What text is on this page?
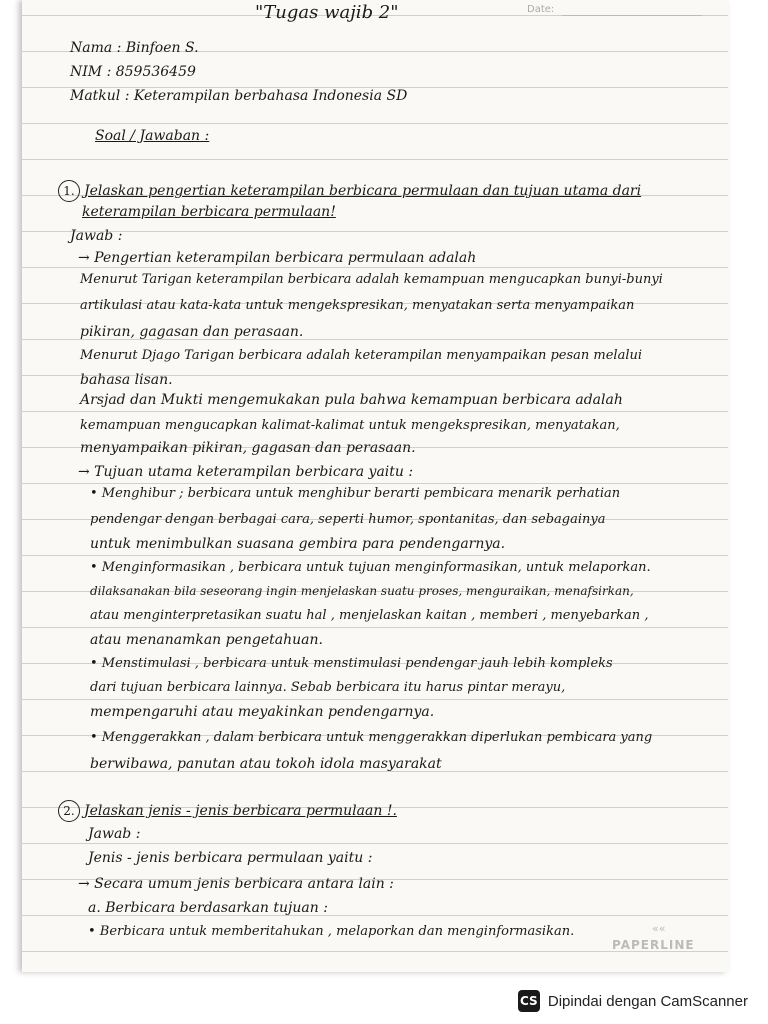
Date:
««
PAPERLINE
"Tugas wajib 2"
Nama : Binfoen S.
NIM : 859536459
Matkul : Keterampilan berbahasa Indonesia SD
Soal / Jawaban :
1. Jelaskan pengertian keterampilan berbicara permulaan dan tujuan utama dari
keterampilan berbicara permulaan!
Jawab :
→ Pengertian keterampilan berbicara permulaan adalah
Menurut Tarigan keterampilan berbicara adalah kemampuan mengucapkan bunyi-bunyi
artikulasi atau kata-kata untuk mengekspresikan, menyatakan serta menyampaikan
pikiran, gagasan dan perasaan.
Menurut Djago Tarigan berbicara adalah keterampilan menyampaikan pesan melalui
bahasa lisan.
Arsjad dan Mukti mengemukakan pula bahwa kemampuan berbicara adalah
kemampuan mengucapkan kalimat-kalimat untuk mengekspresikan, menyatakan,
menyampaikan pikiran, gagasan dan perasaan.
→ Tujuan utama keterampilan berbicara yaitu :
• Menghibur ; berbicara untuk menghibur berarti pembicara menarik perhatian
pendengar dengan berbagai cara, seperti humor, spontanitas, dan sebagainya
untuk menimbulkan suasana gembira para pendengarnya.
• Menginformasikan , berbicara untuk tujuan menginformasikan, untuk melaporkan.
dilaksanakan bila seseorang ingin menjelaskan suatu proses, menguraikan, menafsirkan,
atau menginterpretasikan suatu hal , menjelaskan kaitan , memberi , menyebarkan ,
atau menanamkan pengetahuan.
• Menstimulasi , berbicara untuk menstimulasi pendengar jauh lebih kompleks
dari tujuan berbicara lainnya. Sebab berbicara itu harus pintar merayu,
mempengaruhi atau meyakinkan pendengarnya.
• Menggerakkan , dalam berbicara untuk menggerakkan diperlukan pembicara yang
berwibawa, panutan atau tokoh idola masyarakat
2. Jelaskan jenis - jenis berbicara permulaan !.
Jawab :
Jenis - jenis berbicara permulaan yaitu :
→ Secara umum jenis berbicara antara lain :
a. Berbicara berdasarkan tujuan :
• Berbicara untuk memberitahukan , melaporkan dan menginformasikan.
CS Dipindai dengan CamScanner
